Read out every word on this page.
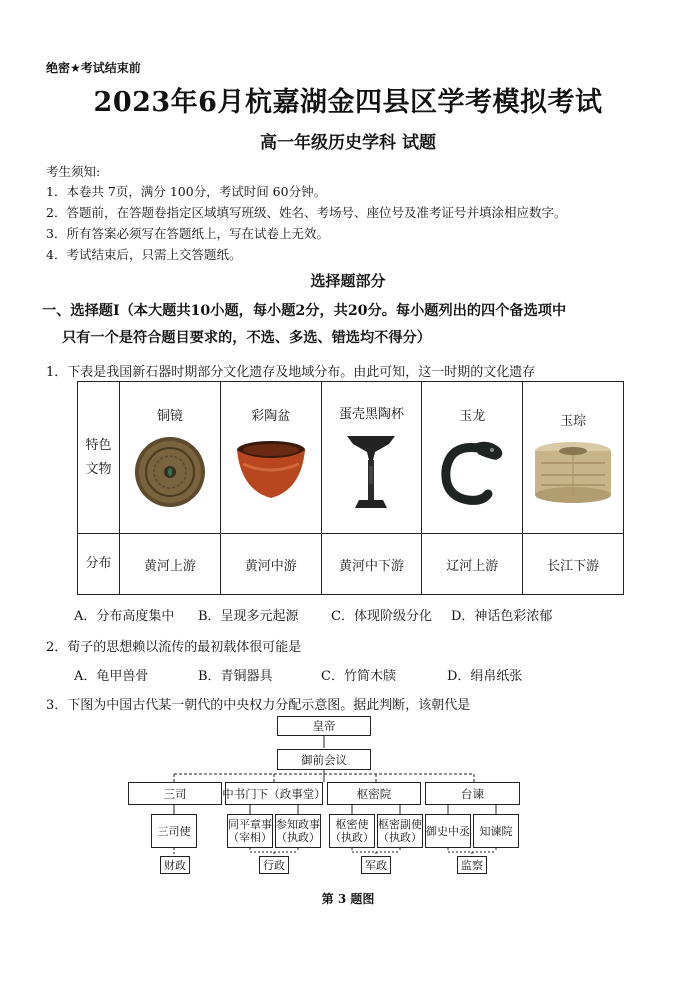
绝密★考试结束前
2023年6月杭嘉湖金四县区学考模拟考试
高一年级历史学科 试题
考生须知:
1．本卷共 7页，满分 100分，考试时间 60分钟。
2．答题前，在答题卷指定区域填写班级、姓名、考场号、座位号及准考证号并填涂相应数字。
3．所有答案必须写在答题纸上，写在试卷上无效。
4．考试结束后，只需上交答题纸。
选择题部分
一、选择题Ⅰ（本大题共10小题，每小题2分，共20分。每小题列出的四个备选项中
只有一个是符合题目要求的，不选、多选、错选均不得分）
1．下表是我国新石器时期部分文化遗存及地域分布。由此可知，这一时期的文化遗存
特色文物	铜镜	彩陶盆	蛋壳黑陶杯	玉龙	玉琮

分布	黄河上游	黄河中游	黄河中下游	辽河上游	长江下游
A．分布高度集中 B．呈现多元起源 C．体现阶级分化 D．神话色彩浓郁
2．荀子的思想赖以流传的最初载体很可能是
A．龟甲兽骨	B．青铜器具	C．竹简木牍	D．绢帛纸张
3．下图为中国古代某一朝代的中央权力分配示意图。据此判断，该朝代是
皇帝
御前会议
三司	中书门下（政事堂）	枢密院	台谏
三司使	同平章事
（宰相）
参知政事
（执政）
枢密使
（执政）
枢密副使
（执政） 御史中丞 知谏院
财政	行政	军政	监察
第 3 题图
